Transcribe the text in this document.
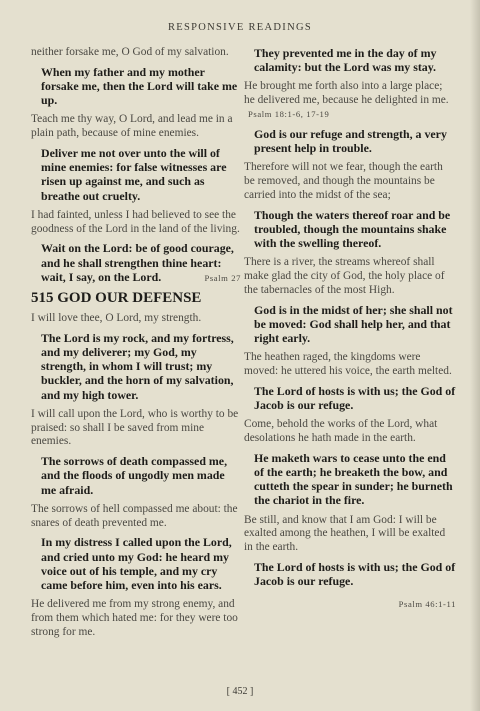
RESPONSIVE READINGS
neither forsake me, O God of my salvation.
When my father and my mother forsake me, then the Lord will take me up.
Teach me thy way, O Lord, and lead me in a plain path, because of mine enemies.
Deliver me not over unto the will of mine enemies: for false witnesses are risen up against me, and such as breathe out cruelty.
I had fainted, unless I had believed to see the goodness of the Lord in the land of the living.
Wait on the Lord: be of good courage, and he shall strengthen thine heart: wait, I say, on the Lord.	Psalm 27
515 GOD OUR DEFENSE
I will love thee, O Lord, my strength.
The Lord is my rock, and my fortress, and my deliverer; my God, my strength, in whom I will trust; my buckler, and the horn of my salvation, and my high tower.
I will call upon the Lord, who is worthy to be praised: so shall I be saved from mine enemies.
The sorrows of death compassed me, and the floods of ungodly men made me afraid.
The sorrows of hell compassed me about: the snares of death prevented me.
In my distress I called upon the Lord, and cried unto my God: he heard my voice out of his temple, and my cry came before him, even into his ears.
He delivered me from my strong enemy, and from them which hated me: for they were too strong for me.
They prevented me in the day of my calamity: but the Lord was my stay.
He brought me forth also into a large place; he delivered me, because he delighted in me. Psalm 18:1-6, 17-19
God is our refuge and strength, a very present help in trouble.
Therefore will not we fear, though the earth be removed, and though the mountains be carried into the midst of the sea;
Though the waters thereof roar and be troubled, though the mountains shake with the swelling thereof.
There is a river, the streams whereof shall make glad the city of God, the holy place of the tabernacles of the most High.
God is in the midst of her; she shall not be moved: God shall help her, and that right early.
The heathen raged, the kingdoms were moved: he uttered his voice, the earth melted.
The Lord of hosts is with us; the God of Jacob is our refuge.
Come, behold the works of the Lord, what desolations he hath made in the earth.
He maketh wars to cease unto the end of the earth; he breaketh the bow, and cutteth the spear in sunder; he burneth the chariot in the fire.
Be still, and know that I am God: I will be exalted among the heathen, I will be exalted in the earth.
The Lord of hosts is with us; the God of Jacob is our refuge.
Psalm 46:1-11
[ 452 ]
